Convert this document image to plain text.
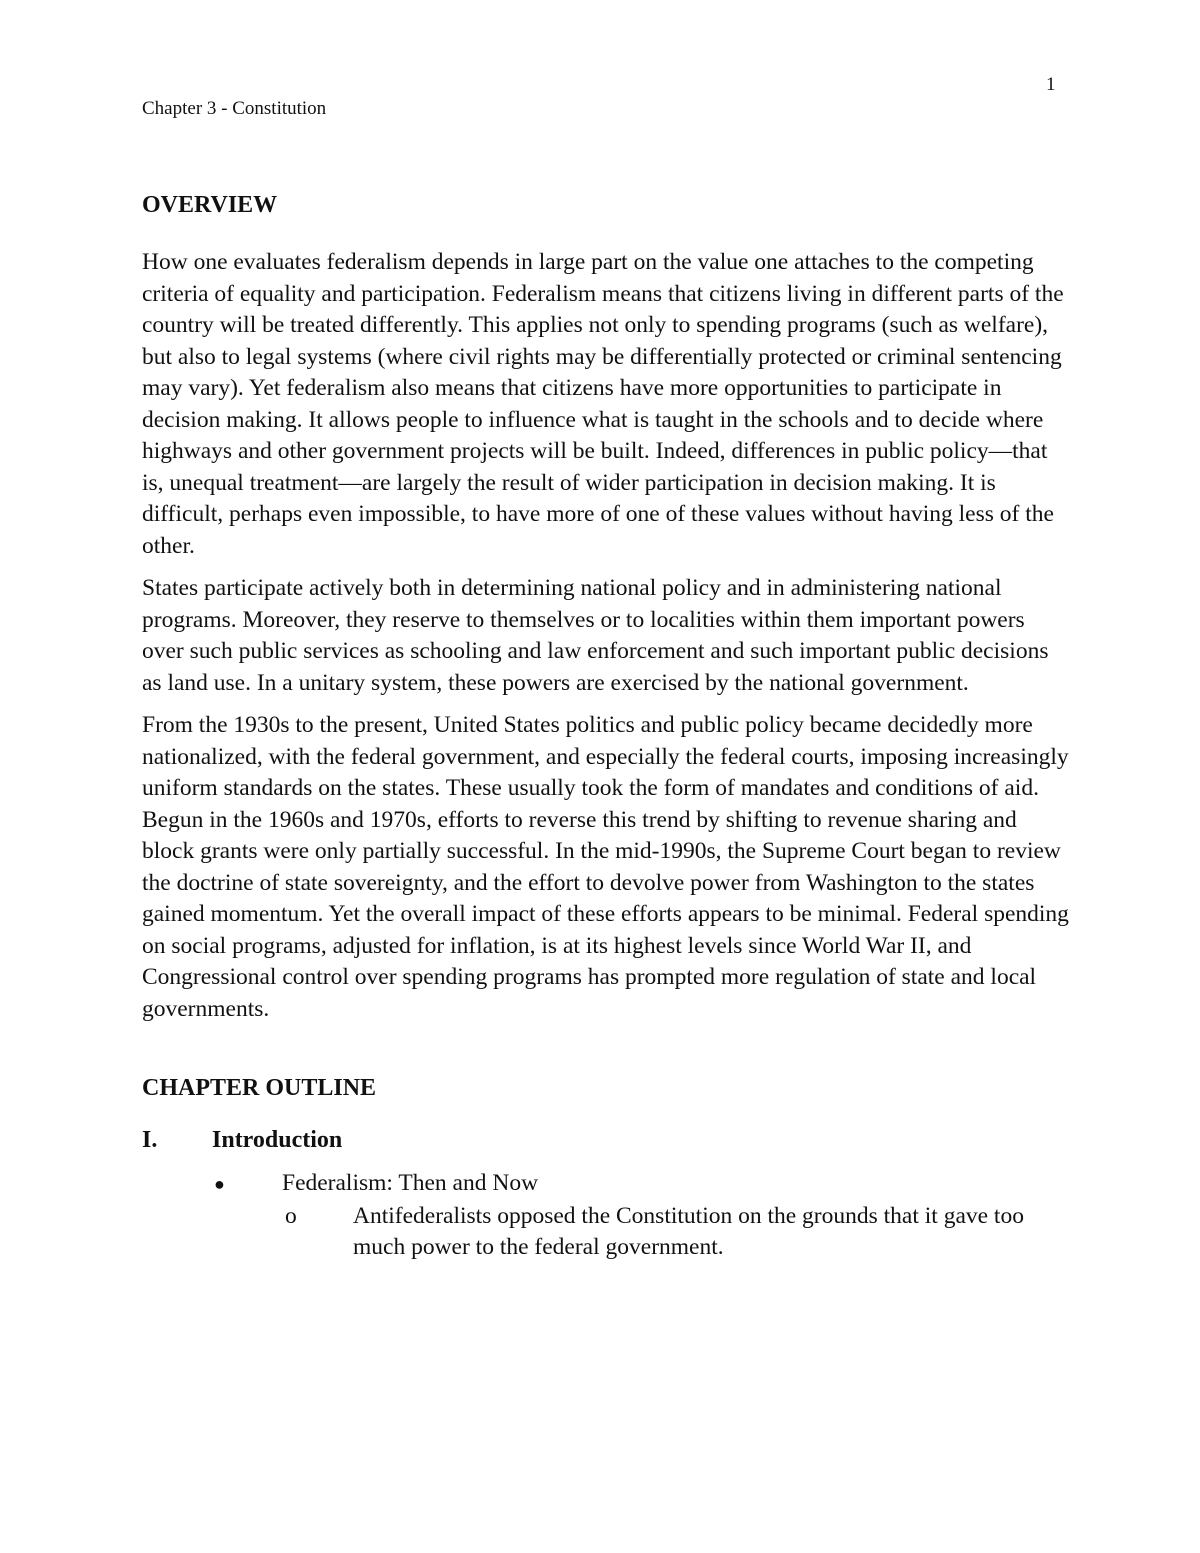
1
Chapter 3 - Constitution
OVERVIEW

How one evaluates federalism depends in large part on the value one attaches to the competing criteria of equality and participation. Federalism means that citizens living in different parts of the country will be treated differently. This applies not only to spending programs (such as welfare), but also to legal systems (where civil rights may be differentially protected or criminal sentencing may vary). Yet federalism also means that citizens have more opportunities to participate in decision making. It allows people to influence what is taught in the schools and to decide where highways and other government projects will be built. Indeed, differences in public policy—that is, unequal treatment—are largely the result of wider participation in decision making. It is difficult, perhaps even impossible, to have more of one of these values without having less of the other.

States participate actively both in determining national policy and in administering national programs. Moreover, they reserve to themselves or to localities within them important powers over such public services as schooling and law enforcement and such important public decisions as land use. In a unitary system, these powers are exercised by the national government.

From the 1930s to the present, United States politics and public policy became decidedly more nationalized, with the federal government, and especially the federal courts, imposing increasingly uniform standards on the states. These usually took the form of mandates and conditions of aid. Begun in the 1960s and 1970s, efforts to reverse this trend by shifting to revenue sharing and block grants were only partially successful. In the mid-1990s, the Supreme Court began to review the doctrine of state sovereignty, and the effort to devolve power from Washington to the states gained momentum. Yet the overall impact of these efforts appears to be minimal. Federal spending on social programs, adjusted for inflation, is at its highest levels since World War II, and Congressional control over spending programs has prompted more regulation of state and local governments.

CHAPTER OUTLINE
I.	Introduction
●	Federalism: Then and Now
o	Antifederalists opposed the Constitution on the grounds that it gave too much power to the federal government.
